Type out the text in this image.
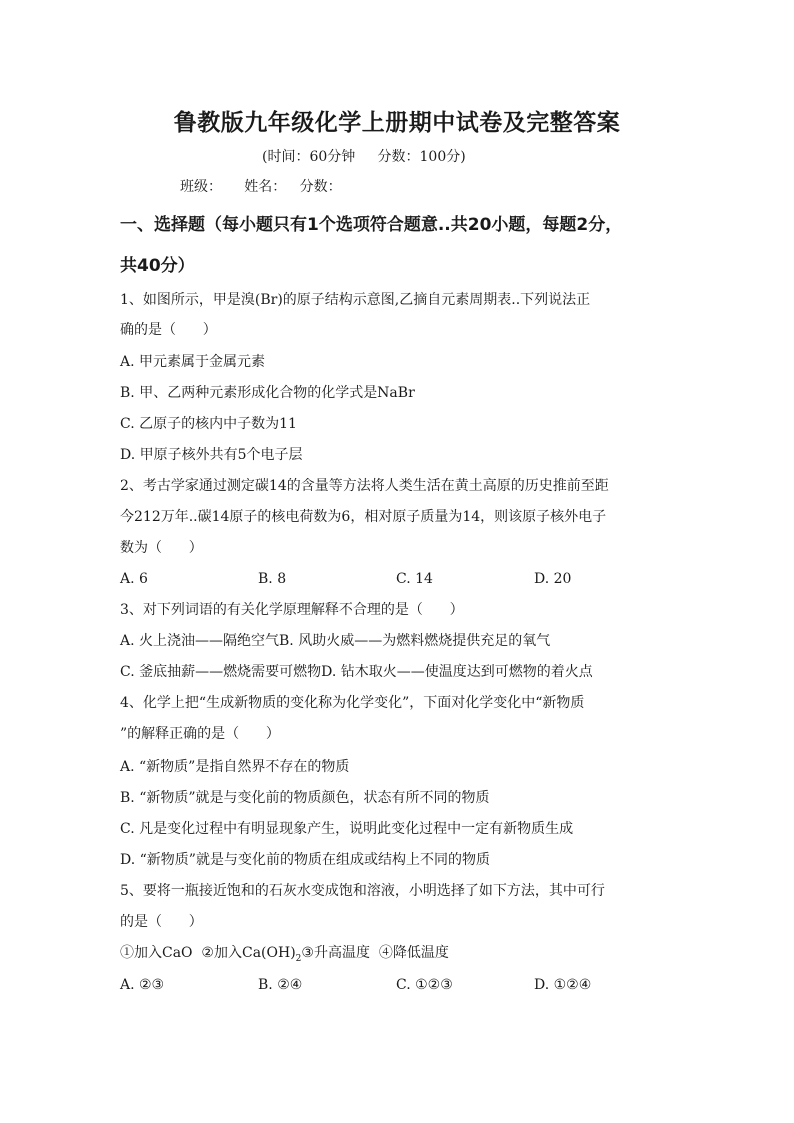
鲁教版九年级化学上册期中试卷及完整答案
(时间：60分钟     分数：100分)
班级：     姓名：   分数：
一、选择题（每小题只有1个选项符合题意..共20小题，每题2分，
共40分）
1、如图所示，甲是溴(Br)的原子结构示意图,乙摘自元素周期表..下列说法正
确的是（      ）
A. 甲元素属于金属元素
B. 甲、乙两种元素形成化合物的化学式是NaBr
C. 乙原子的核内中子数为11
D. 甲原子核外共有5个电子层
2、考古学家通过测定碳14的含量等方法将人类生活在黄土高原的历史推前至距
今212万年..碳14原子的核电荷数为6，相对原子质量为14，则该原子核外电子
数为（      ）
A. 6	B. 8	C. 14	D. 20
3、对下列词语的有关化学原理解释不合理的是（      ）
A. 火上浇油——隔绝空气B. 风助火威——为燃料燃烧提供充足的氧气
C. 釜底抽薪——燃烧需要可燃物D. 钻木取火——使温度达到可燃物的着火点
4、化学上把“生成新物质的变化称为化学变化”，下面对化学变化中“新物质
”的解释正确的是（      ）
A. “新物质”是指自然界不存在的物质
B. “新物质”就是与变化前的物质颜色，状态有所不同的物质
C. 凡是变化过程中有明显现象产生，说明此变化过程中一定有新物质生成
D. “新物质”就是与变化前的物质在组成或结构上不同的物质
5、要将一瓶接近饱和的石灰水变成饱和溶液，小明选择了如下方法，其中可行
的是（      ）
①加入CaO  ②加入$Ca(OH)_2③$升高温度  ④降低温度
A. ②③	B. ②④	C. ①②③	D. ①②④
